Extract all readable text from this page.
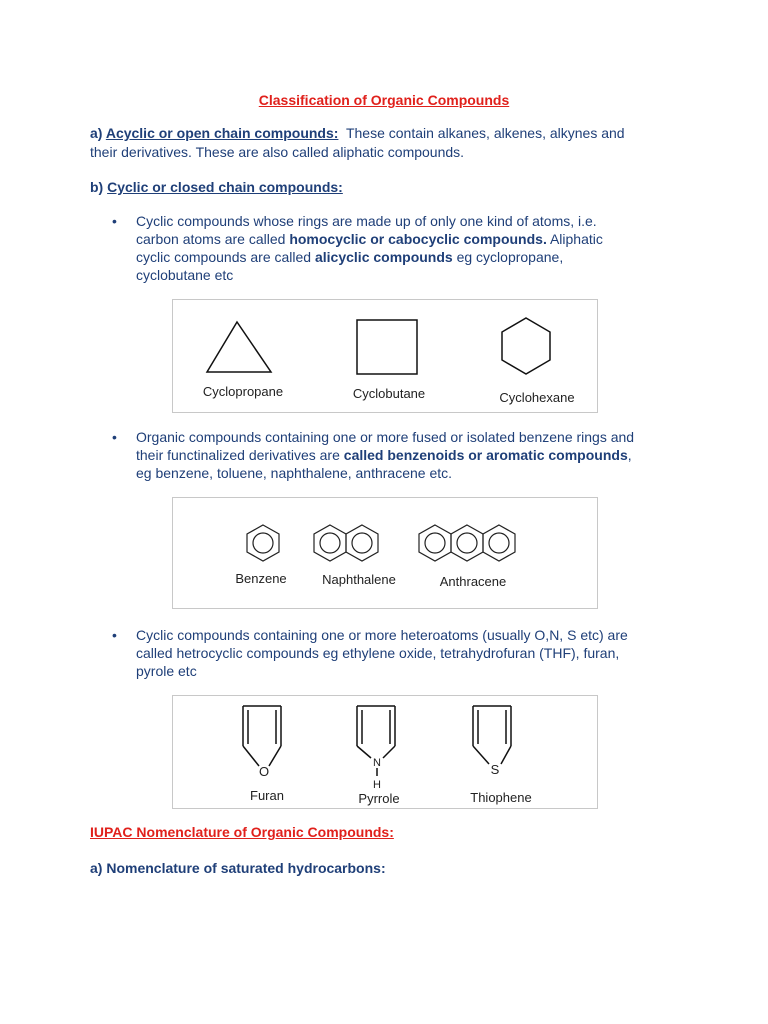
Classification of Organic Compounds
a) Acyclic or open chain compounds:  These contain alkanes, alkenes, alkynes and
their derivatives. These are also called aliphatic compounds.
b) Cyclic or closed chain compounds:
• Cyclic compounds whose rings are made up of only one kind of atoms, i.e.
carbon atoms are called homocyclic or cabocyclic compounds. Aliphatic
cyclic compounds are called alicyclic compounds eg cyclopropane,
cyclobutane etc
Cyclopropane	Cyclobutane	Cyclohexane
• Organic compounds containing one or more fused or isolated benzene rings and
their functinalized derivatives are called benzenoids or aromatic compounds,
eg benzene, toluene, naphthalene, anthracene etc.
Benzene	Naphthalene	Anthracene
• Cyclic compounds containing one or more heteroatoms (usually O,N, S etc) are
called hetrocyclic compounds eg ethylene oxide, tetrahydrofuran (THF), furan,
pyrole etc
O
N
H
S
Furan	Pyrrole	Thiophene
IUPAC Nomenclature of Organic Compounds:
a) Nomenclature of saturated hydrocarbons:
